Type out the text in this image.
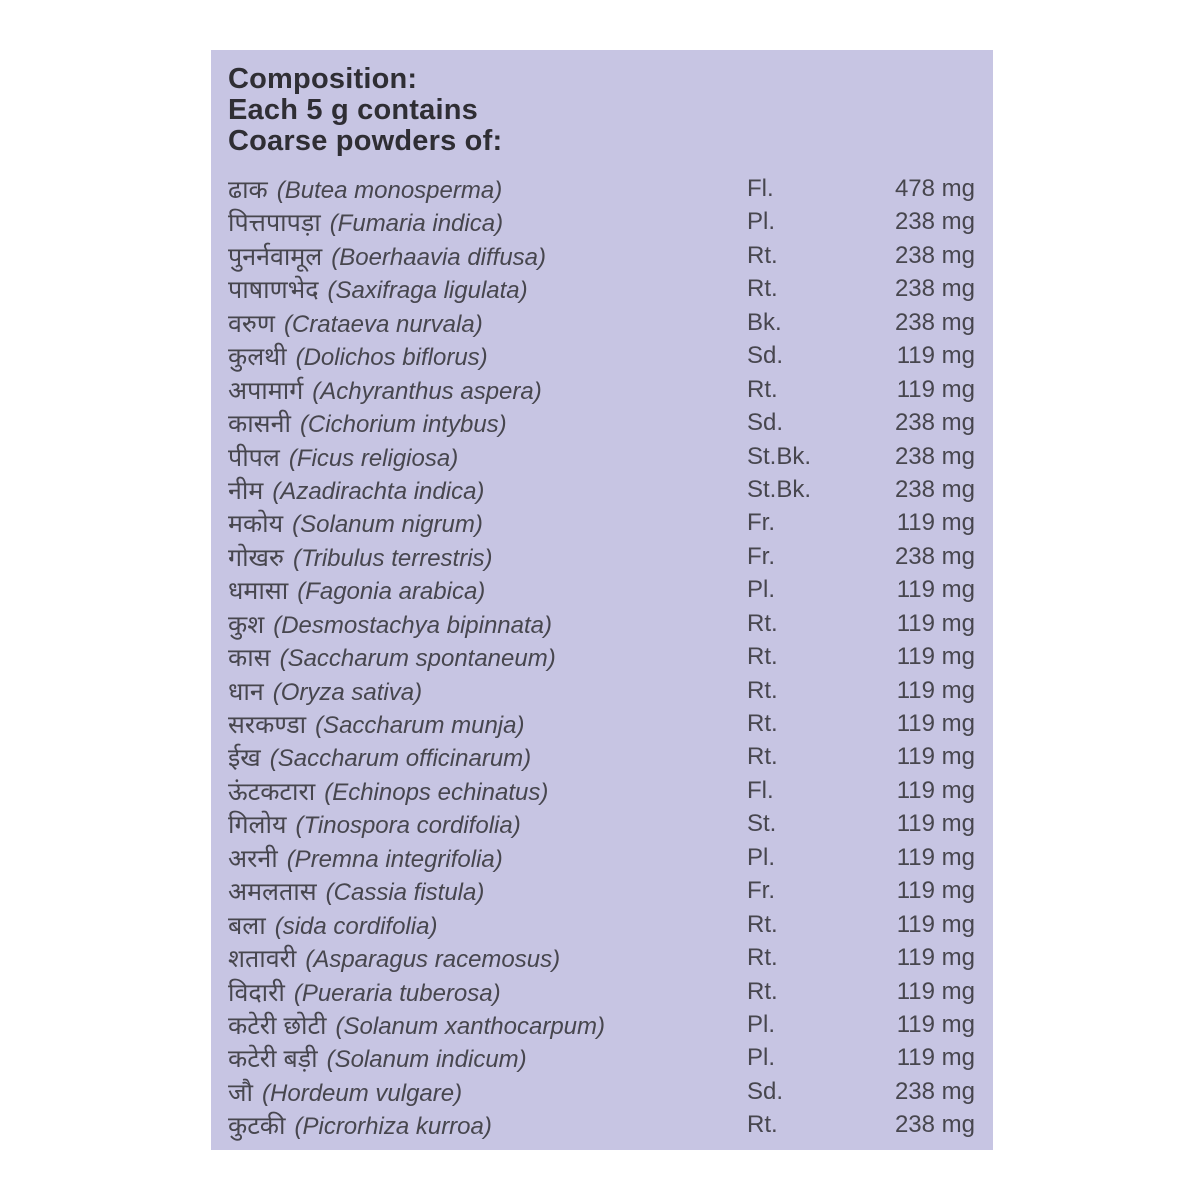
Composition:
Each 5 g contains
Coarse powders of:
ढाक (Butea monosperma)	Fl.	478 mg
पित्तपापड़ा (Fumaria indica)	Pl.	238 mg
पुनर्नवामूल (Boerhaavia diffusa)	Rt.	238 mg
पाषाणभेद (Saxifraga ligulata)	Rt.	238 mg
वरुण (Crataeva nurvala)	Bk.	238 mg
कुलथी (Dolichos biflorus)	Sd.	119 mg
अपामार्ग (Achyranthus aspera)	Rt.	119 mg
कासनी (Cichorium intybus)	Sd.	238 mg
पीपल (Ficus religiosa)	St.Bk.	238 mg
नीम (Azadirachta indica)	St.Bk.	238 mg
मकोय (Solanum nigrum)	Fr.	119 mg
गोखरु (Tribulus terrestris)	Fr.	238 mg
धमासा (Fagonia arabica)	Pl.	119 mg
कुश (Desmostachya bipinnata)	Rt.	119 mg
कास (Saccharum spontaneum)	Rt.	119 mg
धान (Oryza sativa)	Rt.	119 mg
सरकण्डा (Saccharum munja)	Rt.	119 mg
ईख (Saccharum officinarum)	Rt.	119 mg
ऊंटकटारा (Echinops echinatus)	Fl.	119 mg
गिलोय (Tinospora cordifolia)	St.	119 mg
अरनी (Premna integrifolia)	Pl.	119 mg
अमलतास (Cassia fistula)	Fr.	119 mg
बला (sida cordifolia)	Rt.	119 mg
शतावरी (Asparagus racemosus)	Rt.	119 mg
विदारी (Pueraria tuberosa)	Rt.	119 mg
कटेरी छोटी (Solanum xanthocarpum)	Pl.	119 mg
कटेरी बड़ी (Solanum indicum)	Pl.	119 mg
जौ (Hordeum vulgare)	Sd.	238 mg
कुटकी (Picrorhiza kurroa)	Rt.	238 mg
